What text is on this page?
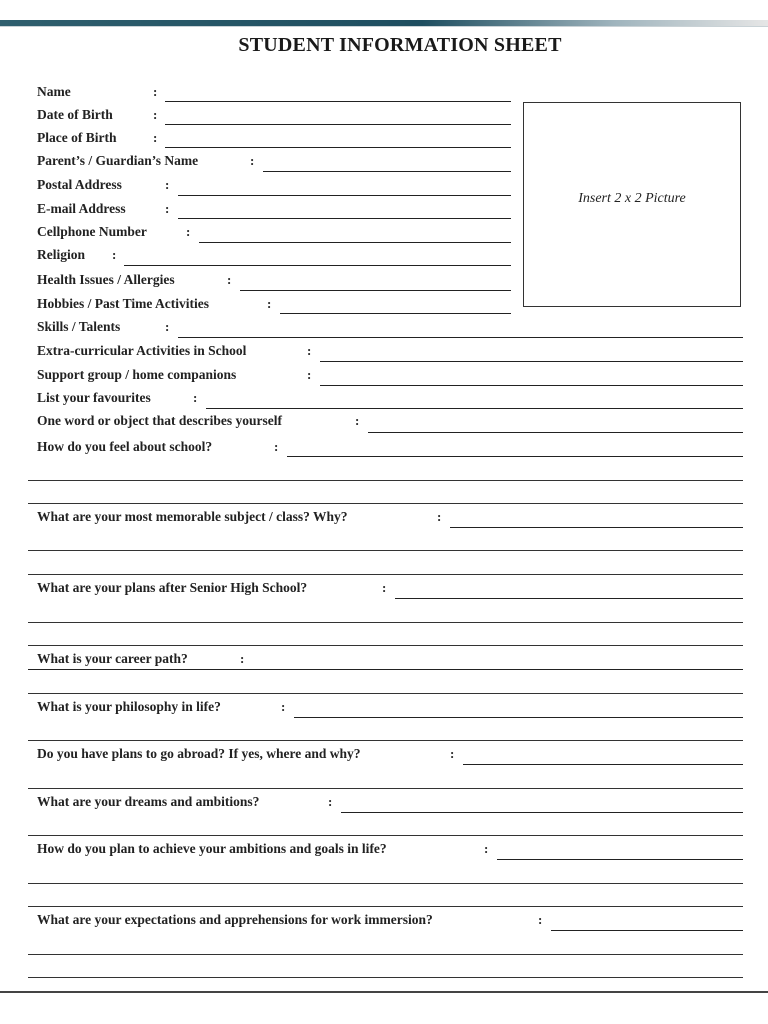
STUDENT INFORMATION SHEET
Insert 2 x 2 Picture
Name	:
Date of Birth	:
Place of Birth	:
Parent’s / Guardian’s Name	:
Postal Address	:
E-mail Address	:
Cellphone Number	:
Religion :
Health Issues / Allergies	:
Hobbies / Past Time Activities	:
Skills / Talents	:
Extra-curricular Activities in School	:
Support group / home companions	:
List your favourites	:
One word or object that describes yourself	:
How do you feel about school?	:
What are your most memorable subject / class? Why?	:
What are your plans after Senior High School?	:
What is your career path?	:
What is your philosophy in life?	:
Do you have plans to go abroad? If yes, where and why?	:
What are your dreams and ambitions?	:
How do you plan to achieve your ambitions and goals in life?	:
What are your expectations and apprehensions for work immersion?	:
